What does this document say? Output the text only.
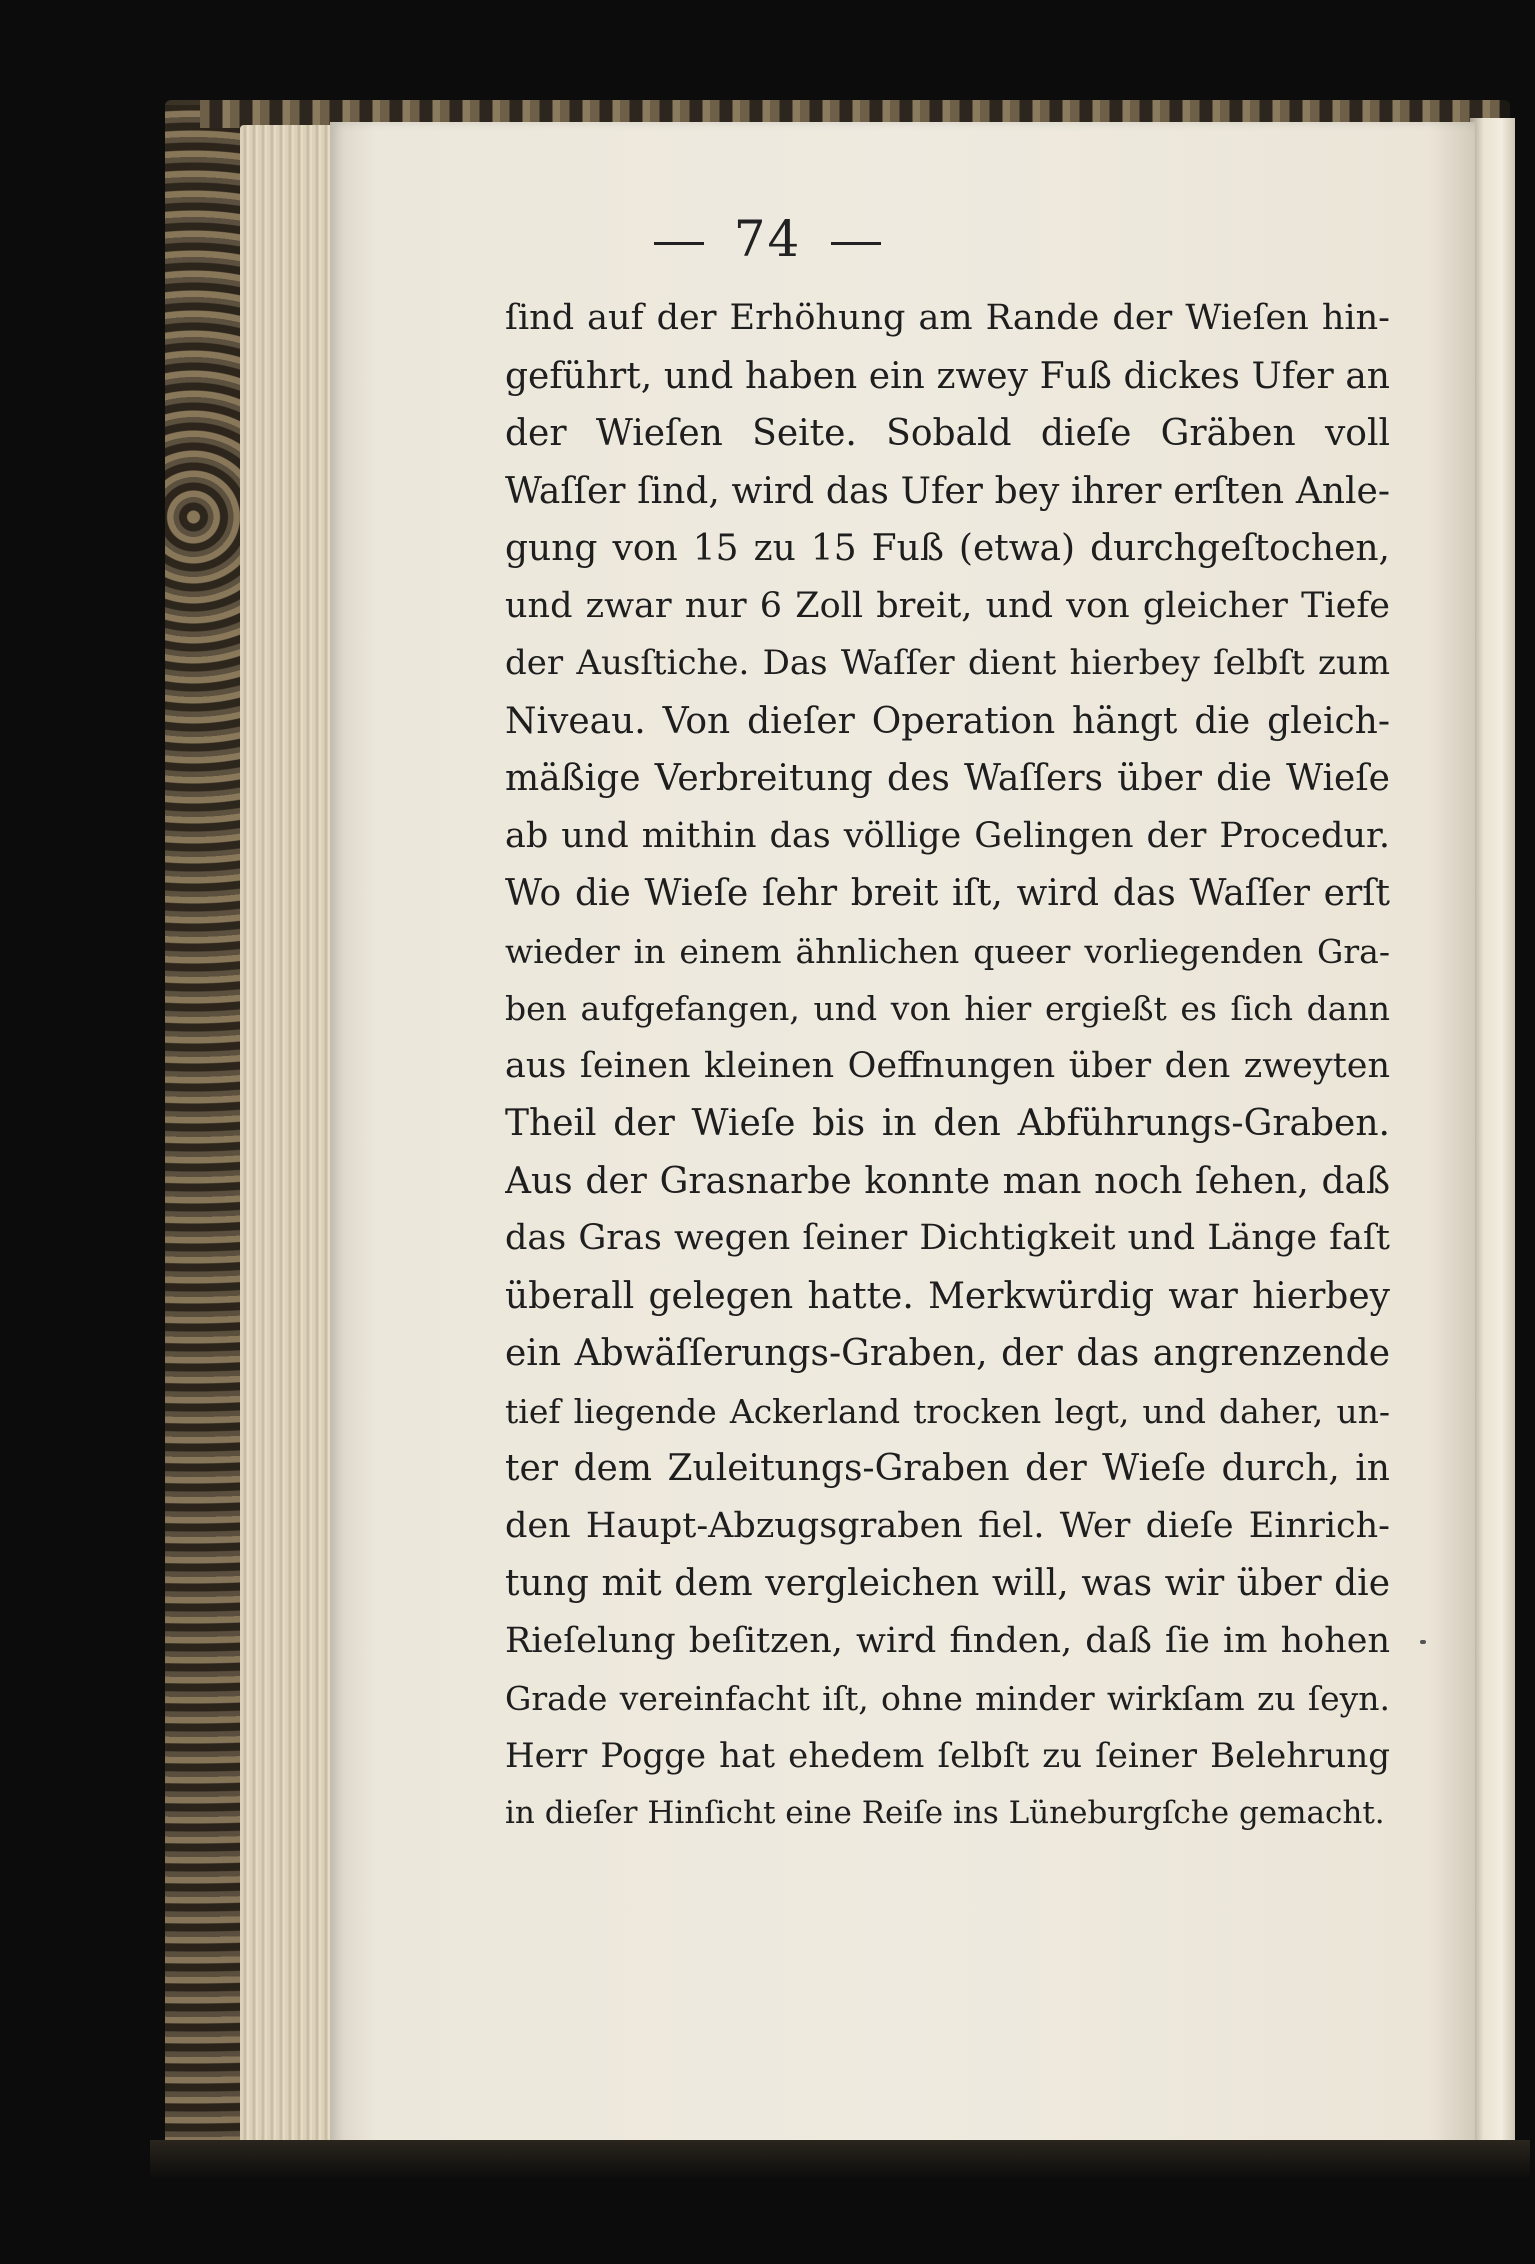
74
ſind auf der Erhöhung am Rande der Wieſen hin-
geführt, und haben ein zwey Fuß dickes Ufer an
der Wieſen Seite. Sobald dieſe Gräben voll
Waſſer ſind, wird das Ufer bey ihrer erſten Anle-
gung von 15 zu 15 Fuß (etwa) durchgeſtochen,
und zwar nur 6 Zoll breit, und von gleicher Tiefe
der Ausſtiche. Das Waſſer dient hierbey ſelbſt zum
Niveau. Von dieſer Operation hängt die gleich-
mäßige Verbreitung des Waſſers über die Wieſe
ab und mithin das völlige Gelingen der Procedur.
Wo die Wieſe ſehr breit iſt, wird das Waſſer erſt
wieder in einem ähnlichen queer vorliegenden Gra-
ben aufgefangen, und von hier ergießt es ſich dann
aus ſeinen kleinen Oeffnungen über den zweyten
Theil der Wieſe bis in den Abführungs-Graben.
Aus der Grasnarbe konnte man noch ſehen, daß
das Gras wegen ſeiner Dichtigkeit und Länge faſt
überall gelegen hatte. Merkwürdig war hierbey
ein Abwäſſerungs-Graben, der das angrenzende
tief liegende Ackerland trocken legt, und daher, un-
ter dem Zuleitungs-Graben der Wieſe durch, in
den Haupt-Abzugsgraben fiel. Wer dieſe Einrich-
tung mit dem vergleichen will, was wir über die
Rieſelung beſitzen, wird finden, daß ſie im hohen
Grade vereinfacht iſt, ohne minder wirkſam zu ſeyn.
Herr Pogge hat ehedem ſelbſt zu ſeiner Belehrung
in dieſer Hinſicht eine Reiſe ins Lüneburgſche gemacht.
